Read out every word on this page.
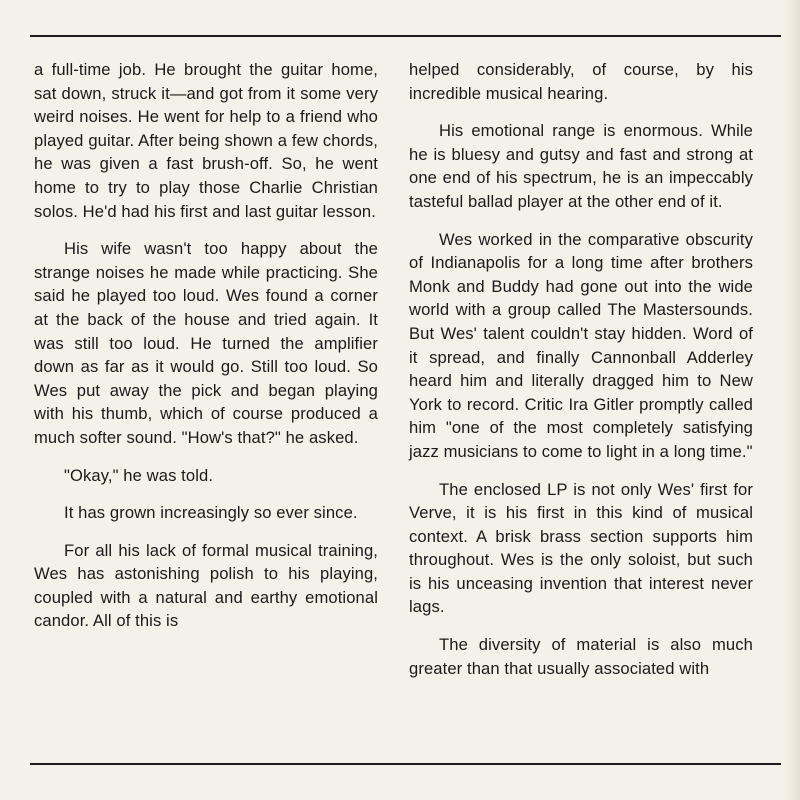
a full-time job. He brought the guitar home, sat down, struck it—and got from it some very weird noises. He went for help to a friend who played guitar. After being shown a few chords, he was given a fast brush-off. So, he went home to try to play those Charlie Christian solos. He'd had his first and last guitar lesson.

His wife wasn't too happy about the strange noises he made while practicing. She said he played too loud. Wes found a corner at the back of the house and tried again. It was still too loud. He turned the amplifier down as far as it would go. Still too loud. So Wes put away the pick and began playing with his thumb, which of course produced a much softer sound. "How's that?" he asked.

"Okay," he was told.

It has grown increasingly so ever since.

For all his lack of formal musical training, Wes has astonishing polish to his playing, coupled with a natural and earthy emotional candor. All of this is

helped considerably, of course, by his incredible musical hearing.

His emotional range is enormous. While he is bluesy and gutsy and fast and strong at one end of his spectrum, he is an impeccably tasteful ballad player at the other end of it.

Wes worked in the comparative obscurity of Indianapolis for a long time after brothers Monk and Buddy had gone out into the wide world with a group called The Mastersounds. But Wes' talent couldn't stay hidden. Word of it spread, and finally Cannonball Adderley heard him and literally dragged him to New York to record. Critic Ira Gitler promptly called him "one of the most completely satisfying jazz musicians to come to light in a long time."

The enclosed LP is not only Wes' first for Verve, it is his first in this kind of musical context. A brisk brass section supports him throughout. Wes is the only soloist, but such is his unceasing invention that interest never lags.

The diversity of material is also much greater than that usually associated with
